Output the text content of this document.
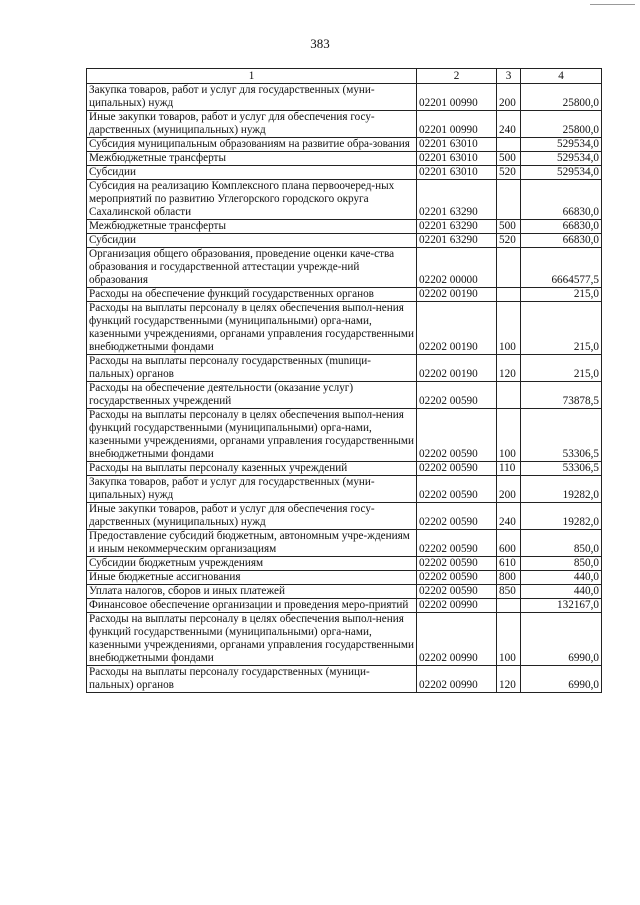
383
1	2	3	4
Закупка товаров, работ и услуг для государственных (муни-ципальных) нужд	02201 00990	200	25800,0
Иные закупки товаров, работ и услуг для обеспечения госу-дарственных (муниципальных) нужд	02201 00990	240	25800,0
Субсидия муниципальным образованиям на развитие обра-зования	02201 63010		529534,0
Межбюджетные трансферты	02201 63010	500	529534,0
Субсидии	02201 63010	520	529534,0
Субсидия на реализацию Комплексного плана первоочеред-ных мероприятий по развитию Углегорского городского округа Сахалинской области	02201 63290		66830,0
Межбюджетные трансферты	02201 63290	500	66830,0
Субсидии	02201 63290	520	66830,0
Организация общего образования, проведение оценки каче-ства образования и государственной аттестации учрежде-ний образования	02202 00000		6664577,5
Расходы на обеспечение функций государственных органов	02202 00190		215,0
Расходы на выплаты персоналу в целях обеспечения выпол-нения функций государственными (муниципальными) орга-нами, казенными учреждениями, органами управления государственными внебюджетными фондами	02202 00190	100	215,0
Расходы на выплаты персоналу государственных (munици-пальных) органов	02202 00190	120	215,0
Расходы на обеспечение деятельности (оказание услуг) государственных учреждений	02202 00590		73878,5
Расходы на выплаты персоналу в целях обеспечения выпол-нения функций государственными (муниципальными) орга-нами, казенными учреждениями, органами управления государственными внебюджетными фондами	02202 00590	100	53306,5
Расходы на выплаты персоналу казенных учреждений	02202 00590	110	53306,5
Закупка товаров, работ и услуг для государственных (муни-ципальных) нужд	02202 00590	200	19282,0
Иные закупки товаров, работ и услуг для обеспечения госу-дарственных (муниципальных) нужд	02202 00590	240	19282,0
Предоставление субсидий бюджетным, автономным учре-ждениям и иным некоммерческим организациям	02202 00590	600	850,0
Субсидии бюджетным учреждениям	02202 00590	610	850,0
Иные бюджетные ассигнования	02202 00590	800	440,0
Уплата налогов, сборов и иных платежей	02202 00590	850	440,0
Финансовое обеспечение организации и проведения меро-приятий	02202 00990		132167,0
Расходы на выплаты персоналу в целях обеспечения выпол-нения функций государственными (муниципальными) орга-нами, казенными учреждениями, органами управления государственными внебюджетными фондами	02202 00990	100	6990,0
Расходы на выплаты персоналу государственных (муници-пальных) органов	02202 00990	120	6990,0
